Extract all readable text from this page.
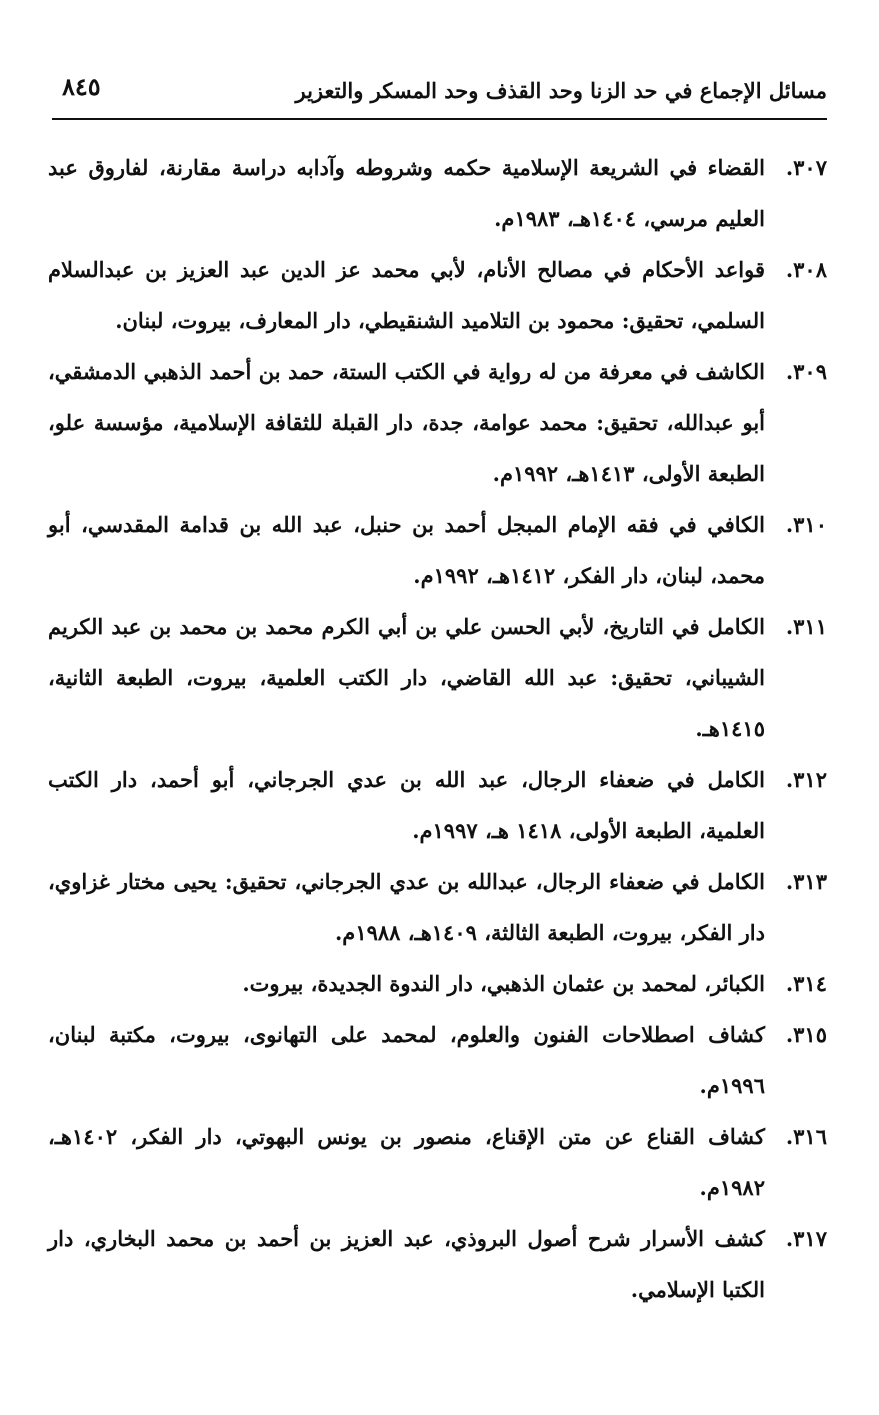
مسائل الإجماع في حد الزنا وحد القذف وحد المسكر والتعزير
٨٤٥
٣٠٧.
القضاء في الشريعة الإسلامية حكمه وشروطه وآدابه دراسة مقارنة، لفاروق عبد العليم مرسي، ١٤٠٤هـ، ١٩٨٣م.
٣٠٨.
قواعد الأحكام في مصالح الأنام، لأبي محمد عز الدين عبد العزيز بن عبدالسلام السلمي، تحقيق: محمود بن التلاميد الشنقيطي، دار المعارف، بيروت، لبنان.
٣٠٩.
الكاشف في معرفة من له رواية في الكتب الستة، حمد بن أحمد الذهبي الدمشقي، أبو عبدالله، تحقيق: محمد عوامة، جدة، دار القبلة للثقافة الإسلامية، مؤسسة علو، الطبعة الأولى، ١٤١٣هـ، ١٩٩٢م.
٣١٠.
الكافي في فقه الإمام المبجل أحمد بن حنبل، عبد الله بن قدامة المقدسي، أبو محمد، لبنان، دار الفكر، ١٤١٢هـ، ١٩٩٢م.
٣١١.
الكامل في التاريخ، لأبي الحسن علي بن أبي الكرم محمد بن محمد بن عبد الكريم الشيباني، تحقيق: عبد الله القاضي، دار الكتب العلمية، بيروت، الطبعة الثانية، ١٤١٥هـ.
٣١٢.
الكامل في ضعفاء الرجال، عبد الله بن عدي الجرجاني، أبو أحمد، دار الكتب العلمية، الطبعة الأولى، ١٤١٨ هـ، ١٩٩٧م.
٣١٣.
الكامل في ضعفاء الرجال، عبدالله بن عدي الجرجاني، تحقيق: يحيى مختار غزاوي، دار الفكر، بيروت، الطبعة الثالثة، ١٤٠٩هـ، ١٩٨٨م.
٣١٤.
الكبائر، لمحمد بن عثمان الذهبي، دار الندوة الجديدة، بيروت.
٣١٥.
كشاف اصطلاحات الفنون والعلوم، لمحمد على التهانوى، بيروت، مكتبة لبنان، ١٩٩٦م.
٣١٦.
كشاف القناع عن متن الإقناع، منصور بن يونس البهوتي، دار الفكر، ١٤٠٢هـ، ١٩٨٢م.
٣١٧.
كشف الأسرار شرح أصول البروذي، عبد العزيز بن أحمد بن محمد البخاري، دار الكتبا الإسلامي.
